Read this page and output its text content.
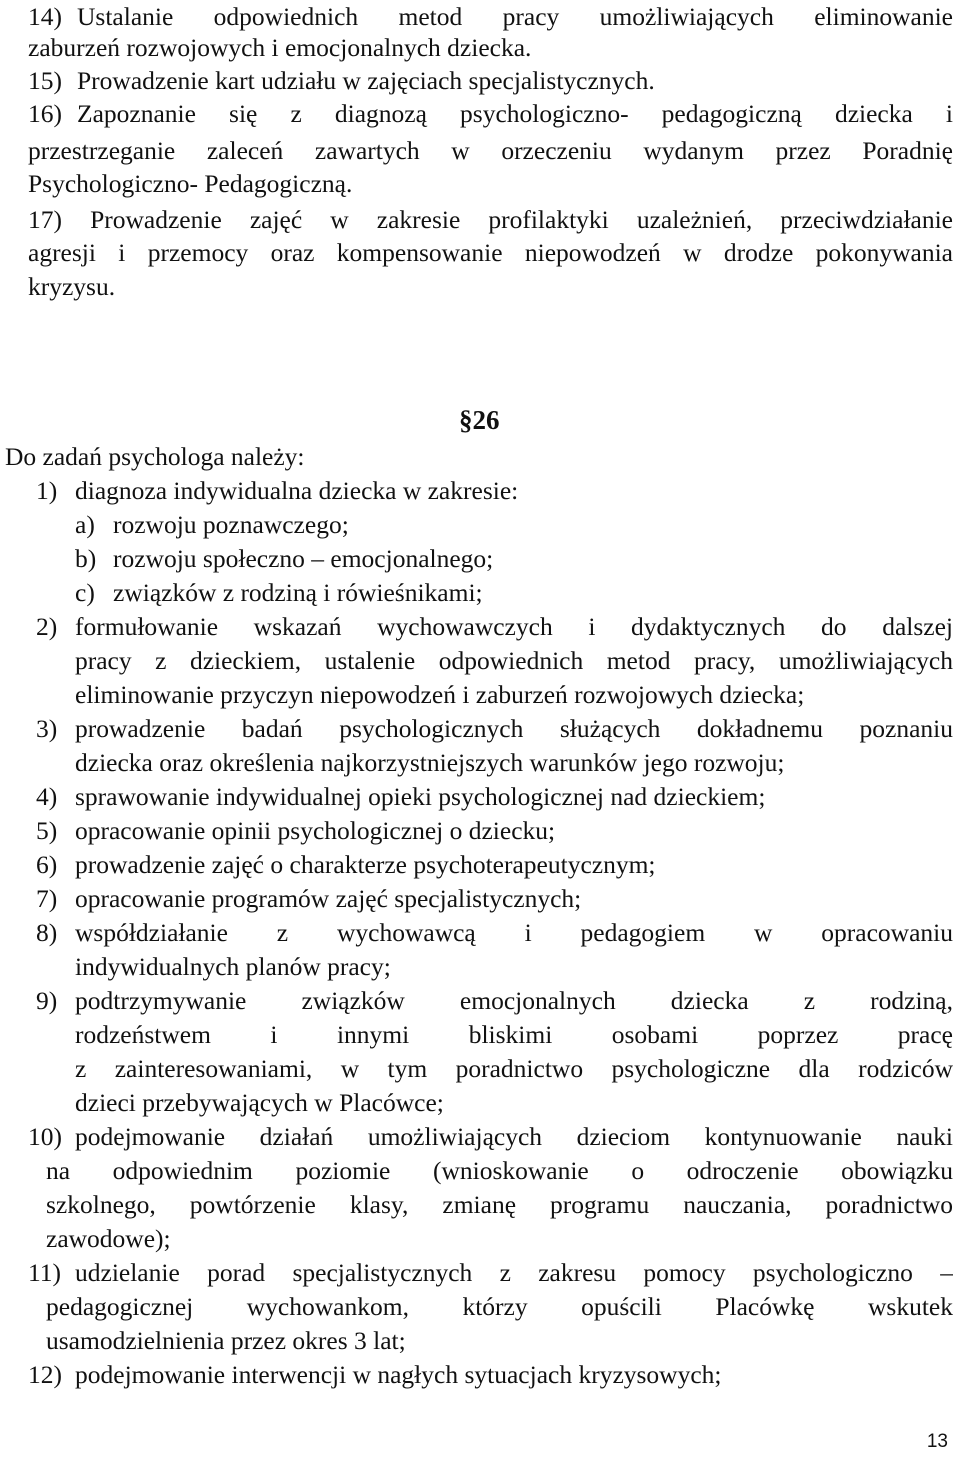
14) Ustalanie odpowiednich metod pracy umożliwiających eliminowanie
zaburzeń rozwojowych i emocjonalnych dziecka.
15) Prowadzenie kart udziału w zajęciach specjalistycznych.
16) Zapoznanie się z diagnozą psychologiczno- pedagogiczną dziecka i
przestrzeganie zaleceń zawartych w orzeczeniu wydanym przez Poradnię
Psychologiczno- Pedagogiczną.
17) Prowadzenie zajęć w zakresie profilaktyki uzależnień, przeciwdziałanie
agresji i przemocy oraz kompensowanie niepowodzeń w drodze pokonywania
kryzysu.
§26
Do zadań psychologa należy:
1) diagnoza indywidualna dziecka w zakresie:
a) rozwoju poznawczego;
b) rozwoju społeczno – emocjonalnego;
c) związków z rodziną i rówieśnikami;
2) formułowanie wskazań wychowawczych i dydaktycznych do dalszej
pracy z dzieckiem, ustalenie odpowiednich metod pracy, umożliwiających
eliminowanie przyczyn niepowodzeń i zaburzeń rozwojowych dziecka;
3) prowadzenie badań psychologicznych służących dokładnemu poznaniu
dziecka oraz określenia najkorzystniejszych warunków jego rozwoju;
4) sprawowanie indywidualnej opieki psychologicznej nad dzieckiem;
5) opracowanie opinii psychologicznej o dziecku;
6) prowadzenie zajęć o charakterze psychoterapeutycznym;
7) opracowanie programów zajęć specjalistycznych;
8) współdziałanie z wychowawcą i pedagogiem w opracowaniu
indywidualnych planów pracy;
9) podtrzymywanie związków emocjonalnych dziecka z rodziną,
rodzeństwem i innymi bliskimi osobami poprzez pracę
z zainteresowaniami, w tym poradnictwo psychologiczne dla rodziców
dzieci przebywających w Placówce;
10) podejmowanie działań umożliwiających dzieciom kontynuowanie nauki
na odpowiednim poziomie (wnioskowanie o odroczenie obowiązku
szkolnego, powtórzenie klasy, zmianę programu nauczania, poradnictwo
zawodowe);
11) udzielanie porad specjalistycznych z zakresu pomocy psychologiczno –
pedagogicznej wychowankom, którzy opuścili Placówkę wskutek
usamodzielnienia przez okres 3 lat;
12) podejmowanie interwencji w nagłych sytuacjach kryzysowych;
13
